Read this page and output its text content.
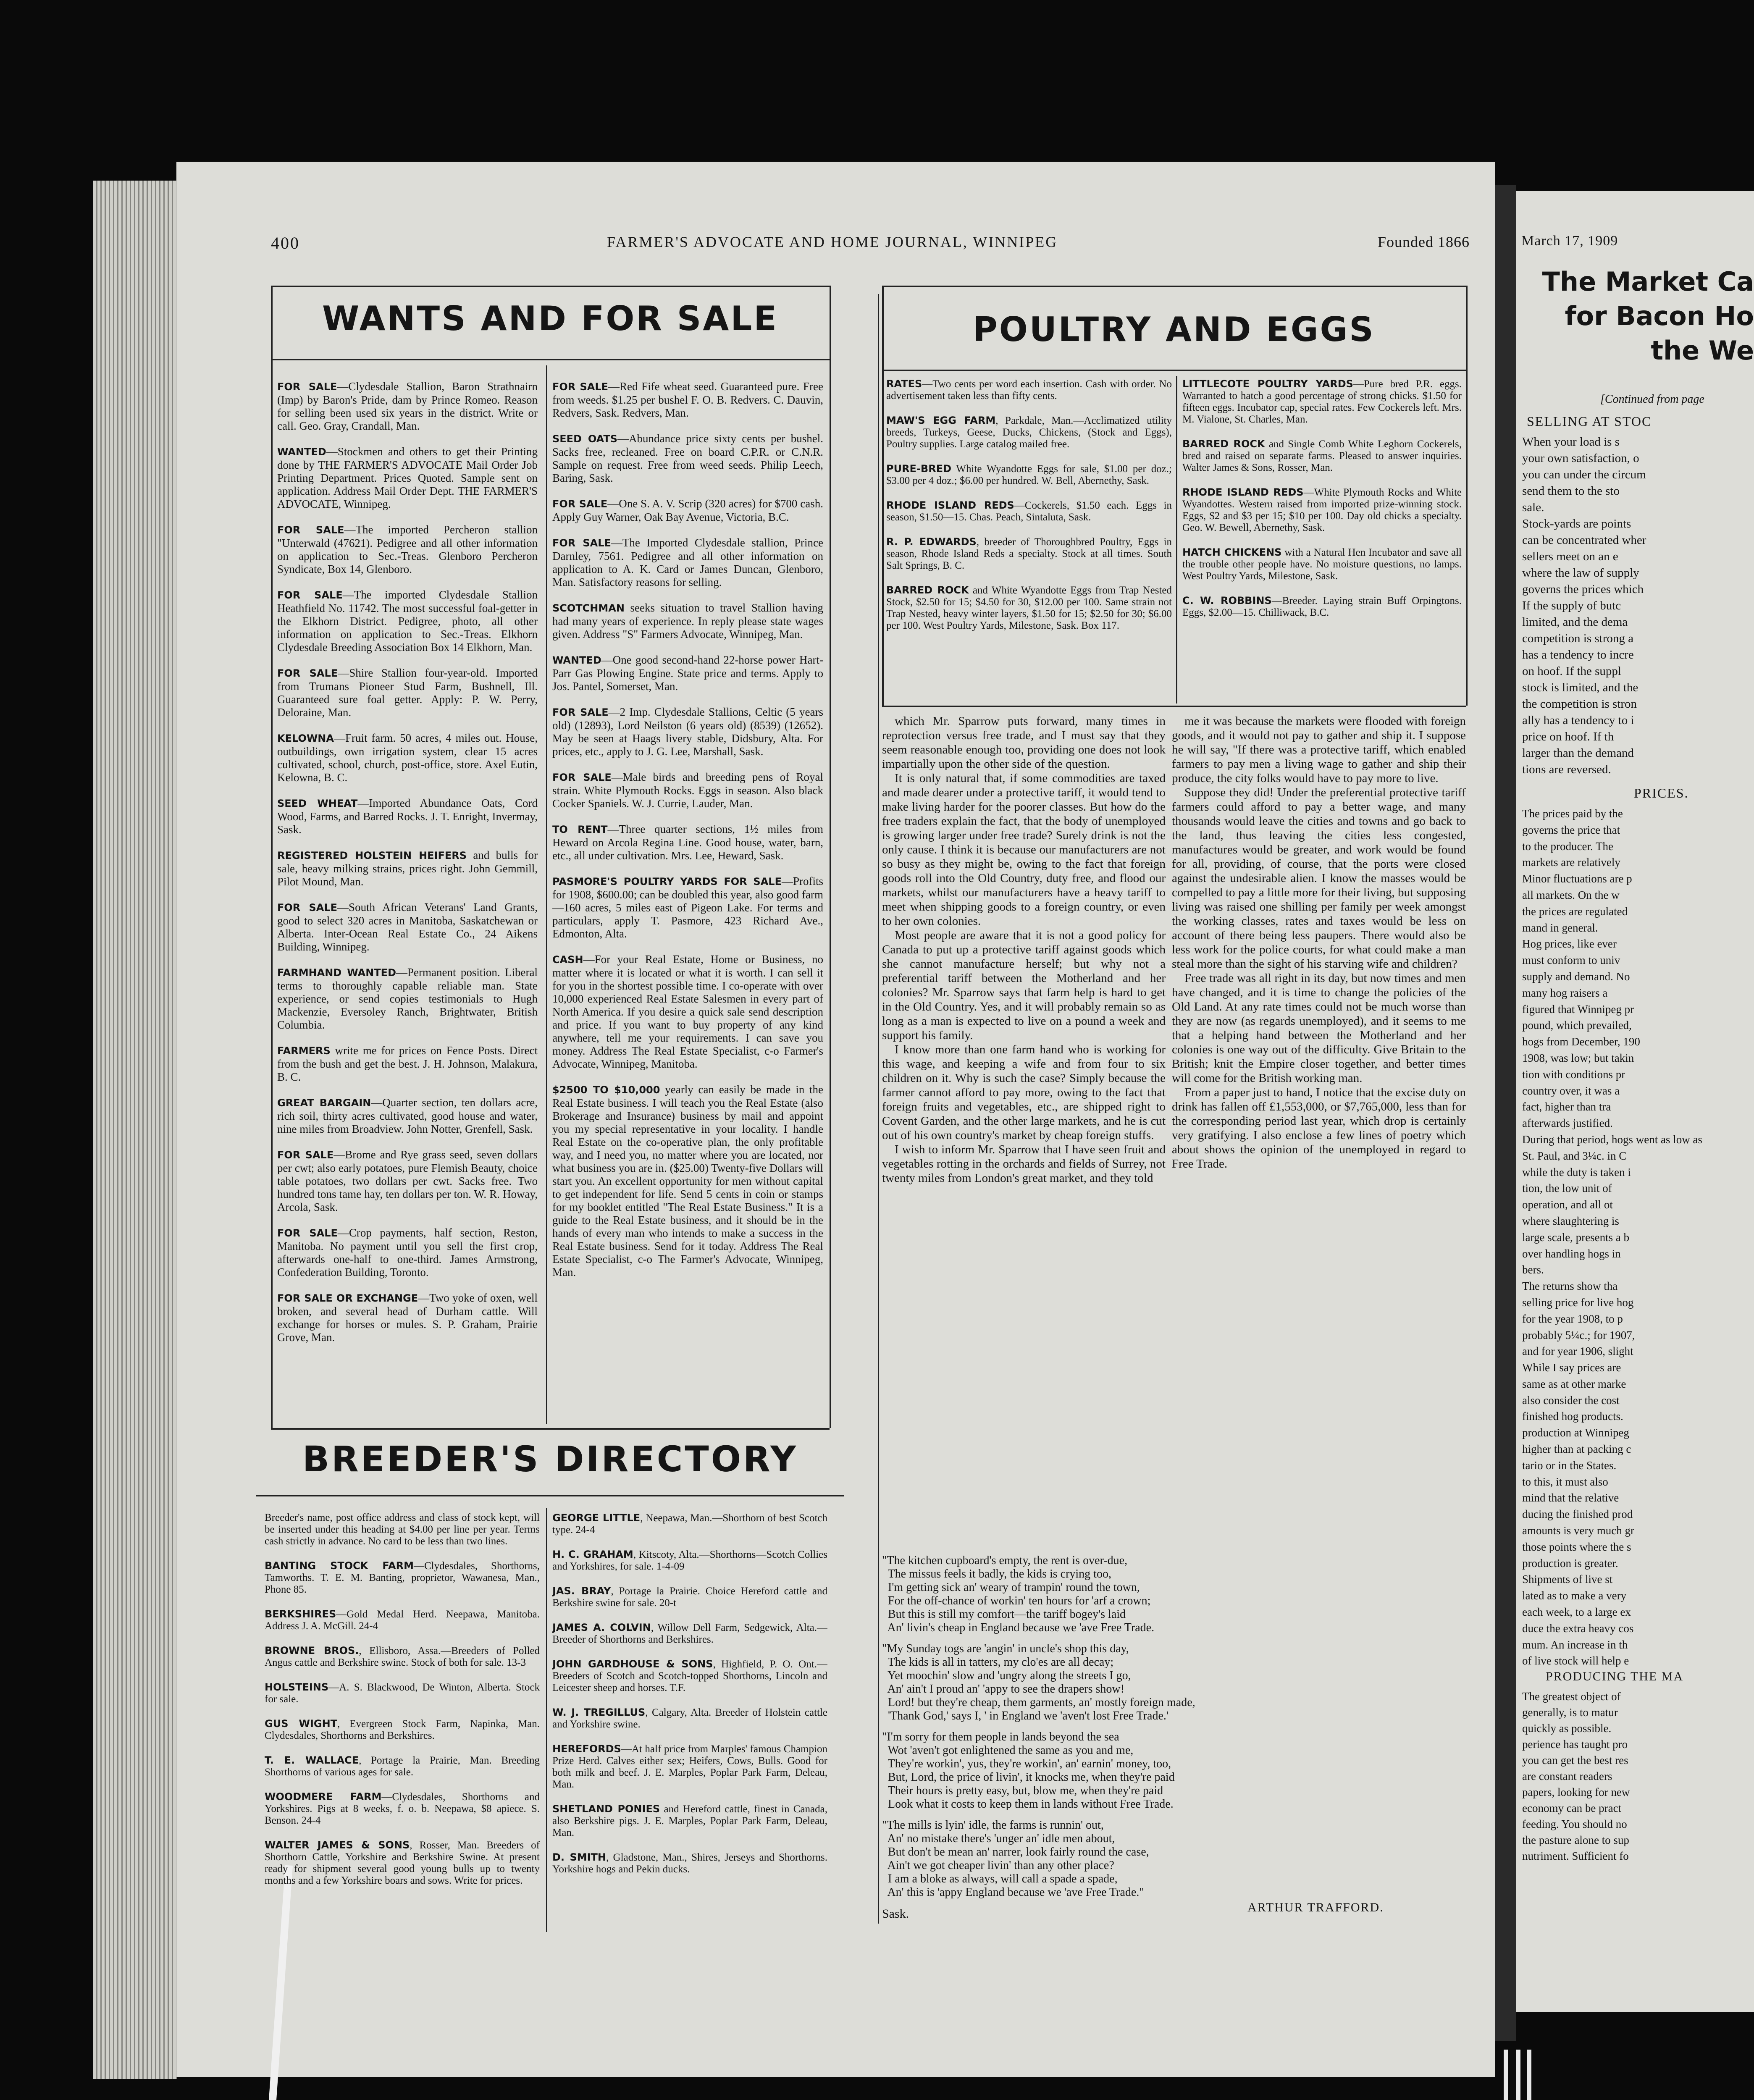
March 17, 1909
The Market Ca
for Bacon Ho
the We
[Continued from page
SELLING AT STOC
When your load is s
your own satisfaction, o
you can under the circum
send them to the sto
sale.
Stock-yards are points
can be concentrated wher
sellers meet on an e
where the law of supply
governs the prices which
If the supply of butc
limited, and the dema
competition is strong a
has a tendency to incre
on hoof. If the suppl
stock is limited, and the
the competition is stron
ally has a tendency to i
price on hoof. If th
larger than the demand
tions are reversed.
PRICES.
The prices paid by the
governs the price that
to the producer. The
markets are relatively
Minor fluctuations are p
all markets. On the w
the prices are regulated
mand in general.
Hog prices, like ever
must conform to univ
supply and demand. No
many hog raisers a
figured that Winnipeg pr
pound, which prevailed,
hogs from December, 190
1908, was low; but takin
tion with conditions pr
country over, it was a
fact, higher than tra
afterwards justified.
During that period, hogs went as low as
St. Paul, and 3¼c. in C
while the duty is taken i
tion, the low unit of
operation, and all ot
where slaughtering is
large scale, presents a b
over handling hogs in
bers.
The returns show tha
selling price for live hog
for the year 1908, to p
probably 5¼c.; for 1907,
and for year 1906, slight
While I say prices are
same as at other marke
also consider the cost
finished hog products.
production at Winnipeg
higher than at packing c
tario or in the States.
to this, it must also
mind that the relative
ducing the finished prod
amounts is very much gr
those points where the s
production is greater.
Shipments of live st
lated as to make a very
each week, to a large ex
duce the extra heavy cos
mum. An increase in th
of live stock will help e
PRODUCING THE MA
The greatest object of
generally, is to matur
quickly as possible.
perience has taught pro
you can get the best res
are constant readers
papers, looking for new
economy can be pract
feeding. You should no
the pasture alone to sup
nutriment. Sufficient fo
400	FARMER'S ADVOCATE AND HOME JOURNAL, WINNIPEG	Founded 1866
WANTS AND FOR SALE	POULTRY AND EGGS
BREEDER'S DIRECTORY
FOR SALE—Clydesdale Stallion, Baron Strathnairn (Imp) by Baron's Pride, dam by Prince Romeo. Reason for selling been used six years in the district. Write or call. Geo. Gray, Crandall, Man.
WANTED—Stockmen and others to get their Printing done by THE FARMER'S ADVOCATE Mail Order Job Printing Department. Prices Quoted. Sample sent on application. Address Mail Order Dept. THE FARMER'S ADVOCATE, Winnipeg.
FOR SALE—The imported Percheron stallion "Unterwald (47621). Pedigree and all other information on application to Sec.-Treas. Glenboro Percheron Syndicate, Box 14, Glenboro.
FOR SALE—The imported Clydesdale Stallion Heathfield No. 11742. The most successful foal-getter in the Elkhorn District. Pedigree, photo, all other information on application to Sec.-Treas. Elkhorn Clydesdale Breeding Association Box 14 Elkhorn, Man.
FOR SALE—Shire Stallion four-year-old. Imported from Trumans Pioneer Stud Farm, Bushnell, Ill. Guaranteed sure foal getter. Apply: P. W. Perry, Deloraine, Man.
KELOWNA—Fruit farm. 50 acres, 4 miles out. House, outbuildings, own irrigation system, clear 15 acres cultivated, school, church, post-office, store. Axel Eutin, Kelowna, B. C.
SEED WHEAT—Imported Abundance Oats, Cord Wood, Farms, and Barred Rocks. J. T. Enright, Invermay, Sask.
REGISTERED HOLSTEIN HEIFERS and bulls for sale, heavy milking strains, prices right. John Gemmill, Pilot Mound, Man.
FOR SALE—South African Veterans' Land Grants, good to select 320 acres in Manitoba, Saskatchewan or Alberta. Inter-Ocean Real Estate Co., 24 Aikens Building, Winnipeg.
FARMHAND WANTED—Permanent position. Liberal terms to thoroughly capable reliable man. State experience, or send copies testimonials to Hugh Mackenzie, Eversoley Ranch, Brightwater, British Columbia.
FARMERS write me for prices on Fence Posts. Direct from the bush and get the best. J. H. Johnson, Malakura, B. C.
GREAT BARGAIN—Quarter section, ten dollars acre, rich soil, thirty acres cultivated, good house and water, nine miles from Broadview. John Notter, Grenfell, Sask.
FOR SALE—Brome and Rye grass seed, seven dollars per cwt; also early potatoes, pure Flemish Beauty, choice table potatoes, two dollars per cwt. Sacks free. Two hundred tons tame hay, ten dollars per ton. W. R. Howay, Arcola, Sask.
FOR SALE—Crop payments, half section, Reston, Manitoba. No payment until you sell the first crop, afterwards one-half to one-third. James Armstrong, Confederation Building, Toronto.
FOR SALE OR EXCHANGE—Two yoke of oxen, well broken, and several head of Durham cattle. Will exchange for horses or mules. S. P. Graham, Prairie Grove, Man.
FOR SALE—Red Fife wheat seed. Guaranteed pure. Free from weeds. $1.25 per bushel F. O. B. Redvers. C. Dauvin, Redvers, Sask. Redvers, Man.
SEED OATS—Abundance price sixty cents per bushel. Sacks free, recleaned. Free on board C.P.R. or C.N.R. Sample on request. Free from weed seeds. Philip Leech, Baring, Sask.
FOR SALE—One S. A. V. Scrip (320 acres) for $700 cash. Apply Guy Warner, Oak Bay Avenue, Victoria, B.C.
FOR SALE—The Imported Clydesdale stallion, Prince Darnley, 7561. Pedigree and all other information on application to A. K. Card or James Duncan, Glenboro, Man. Satisfactory reasons for selling.
SCOTCHMAN seeks situation to travel Stallion having had many years of experience. In reply please state wages given. Address "S" Farmers Advocate, Winnipeg, Man.
WANTED—One good second-hand 22-horse power Hart-Parr Gas Plowing Engine. State price and terms. Apply to Jos. Pantel, Somerset, Man.
FOR SALE—2 Imp. Clydesdale Stallions, Celtic (5 years old) (12893), Lord Neilston (6 years old) (8539) (12652). May be seen at Haags livery stable, Didsbury, Alta. For prices, etc., apply to J. G. Lee, Marshall, Sask.
FOR SALE—Male birds and breeding pens of Royal strain. White Plymouth Rocks. Eggs in season. Also black Cocker Spaniels. W. J. Currie, Lauder, Man.
TO RENT—Three quarter sections, 1½ miles from Heward on Arcola Regina Line. Good house, water, barn, etc., all under cultivation. Mrs. Lee, Heward, Sask.
PASMORE'S POULTRY YARDS FOR SALE—Profits for 1908, $600.00; can be doubled this year, also good farm—160 acres, 5 miles east of Pigeon Lake. For terms and particulars, apply T. Pasmore, 423 Richard Ave., Edmonton, Alta.
CASH—For your Real Estate, Home or Business, no matter where it is located or what it is worth. I can sell it for you in the shortest possible time. I co-operate with over 10,000 experienced Real Estate Salesmen in every part of North America. If you desire a quick sale send description and price. If you want to buy property of any kind anywhere, tell me your requirements. I can save you money. Address The Real Estate Specialist, c-o Farmer's Advocate, Winnipeg, Manitoba.
$2500 TO $10,000 yearly can easily be made in the Real Estate business. I will teach you the Real Estate (also Brokerage and Insurance) business by mail and appoint you my special representative in your locality. I handle Real Estate on the co-operative plan, the only profitable way, and I need you, no matter where you are located, nor what business you are in. ($25.00) Twenty-five Dollars will start you. An excellent opportunity for men without capital to get independent for life. Send 5 cents in coin or stamps for my booklet entitled "The Real Estate Business." It is a guide to the Real Estate business, and it should be in the hands of every man who intends to make a success in the Real Estate business. Send for it today. Address The Real Estate Specialist, c-o The Farmer's Advocate, Winnipeg, Man.
RATES—Two cents per word each insertion. Cash with order. No advertisement taken less than fifty cents.
MAW'S EGG FARM, Parkdale, Man.—Acclimatized utility breeds, Turkeys, Geese, Ducks, Chickens, (Stock and Eggs), Poultry supplies. Large catalog mailed free.
PURE-BRED White Wyandotte Eggs for sale, $1.00 per doz.; $3.00 per 4 doz.; $6.00 per hundred. W. Bell, Abernethy, Sask.
RHODE ISLAND REDS—Cockerels, $1.50 each. Eggs in season, $1.50—15. Chas. Peach, Sintaluta, Sask.
R. P. EDWARDS, breeder of Thoroughbred Poultry, Eggs in season, Rhode Island Reds a specialty. Stock at all times. South Salt Springs, B. C.
BARRED ROCK and White Wyandotte Eggs from Trap Nested Stock, $2.50 for 15; $4.50 for 30, $12.00 per 100. Same strain not Trap Nested, heavy winter layers, $1.50 for 15; $2.50 for 30; $6.00 per 100. West Poultry Yards, Milestone, Sask. Box 117.
LITTLECOTE POULTRY YARDS—Pure bred P.R. eggs. Warranted to hatch a good percentage of strong chicks. $1.50 for fifteen eggs. Incubator cap, special rates. Few Cockerels left. Mrs. M. Vialone, St. Charles, Man.
BARRED ROCK and Single Comb White Leghorn Cockerels, bred and raised on separate farms. Pleased to answer inquiries. Walter James & Sons, Rosser, Man.
RHODE ISLAND REDS—White Plymouth Rocks and White Wyandottes. Western raised from imported prize-winning stock. Eggs, $2 and $3 per 15; $10 per 100. Day old chicks a specialty. Geo. W. Bewell, Abernethy, Sask.
HATCH CHICKENS with a Natural Hen Incubator and save all the trouble other people have. No moisture questions, no lamps. West Poultry Yards, Milestone, Sask.
C. W. ROBBINS—Breeder. Laying strain Buff Orpingtons. Eggs, $2.00—15. Chilliwack, B.C.
Breeder's name, post office address and class of stock kept, will be inserted under this heading at $4.00 per line per year. Terms cash strictly in advance. No card to be less than two lines.
BANTING STOCK FARM—Clydesdales, Shorthorns, Tamworths. T. E. M. Banting, proprietor, Wawanesa, Man., Phone 85.
BERKSHIRES—Gold Medal Herd. Neepawa, Manitoba. Address J. A. McGill. 24-4
BROWNE BROS., Ellisboro, Assa.—Breeders of Polled Angus cattle and Berkshire swine. Stock of both for sale. 13-3
HOLSTEINS—A. S. Blackwood, De Winton, Alberta. Stock for sale.
GUS WIGHT, Evergreen Stock Farm, Napinka, Man. Clydesdales, Shorthorns and Berkshires.
T. E. WALLACE, Portage la Prairie, Man. Breeding Shorthorns of various ages for sale.
WOODMERE FARM—Clydesdales, Shorthorns and Yorkshires. Pigs at 8 weeks, f. o. b. Neepawa, $8 apiece. S. Benson. 24-4
WALTER JAMES & SONS, Rosser, Man. Breeders of Shorthorn Cattle, Yorkshire and Berkshire Swine. At present ready for shipment several good young bulls up to twenty months and a few Yorkshire boars and sows. Write for prices.
GEORGE LITTLE, Neepawa, Man.—Shorthorn of best Scotch type. 24-4
H. C. GRAHAM, Kitscoty, Alta.—Shorthorns—Scotch Collies and Yorkshires, for sale. 1-4-09
JAS. BRAY, Portage la Prairie. Choice Hereford cattle and Berkshire swine for sale. 20-t
JAMES A. COLVIN, Willow Dell Farm, Sedgewick, Alta.—Breeder of Shorthorns and Berkshires.
JOHN GARDHOUSE & SONS, Highfield, P. O. Ont.—Breeders of Scotch and Scotch-topped Shorthorns, Lincoln and Leicester sheep and horses. T.F.
W. J. TREGILLUS, Calgary, Alta. Breeder of Holstein cattle and Yorkshire swine.
HEREFORDS—At half price from Marples' famous Champion Prize Herd. Calves either sex; Heifers, Cows, Bulls. Good for both milk and beef. J. E. Marples, Poplar Park Farm, Deleau, Man.
SHETLAND PONIES and Hereford cattle, finest in Canada, also Berkshire pigs. J. E. Marples, Poplar Park Farm, Deleau, Man.
D. SMITH, Gladstone, Man., Shires, Jerseys and Shorthorns. Yorkshire hogs and Pekin ducks.

which Mr. Sparrow puts forward, many times in reprotection versus free trade, and I must say that they seem reasonable enough too, providing one does not look impartially upon the other side of the question.

It is only natural that, if some commodities are taxed and made dearer under a protective tariff, it would tend to make living harder for the poorer classes. But how do the free traders explain the fact, that the body of unemployed is growing larger under free trade? Surely drink is not the only cause. I think it is because our manufacturers are not so busy as they might be, owing to the fact that foreign goods roll into the Old Country, duty free, and flood our markets, whilst our manufacturers have a heavy tariff to meet when shipping goods to a foreign country, or even to her own colonies.

Most people are aware that it is not a good policy for Canada to put up a protective tariff against goods which she cannot manufacture herself; but why not a preferential tariff between the Motherland and her colonies? Mr. Sparrow says that farm help is hard to get in the Old Country. Yes, and it will probably remain so as long as a man is expected to live on a pound a week and support his family.

I know more than one farm hand who is working for this wage, and keeping a wife and from four to six children on it. Why is such the case? Simply because the farmer cannot afford to pay more, owing to the fact that foreign fruits and vegetables, etc., are shipped right to Covent Garden, and the other large markets, and he is cut out of his own country's market by cheap foreign stuffs.

I wish to inform Mr. Sparrow that I have seen fruit and vegetables rotting in the orchards and fields of Surrey, not twenty miles from London's great market, and they told

me it was because the markets were flooded with foreign goods, and it would not pay to gather and ship it. I suppose he will say, "If there was a protective tariff, which enabled farmers to pay men a living wage to gather and ship their produce, the city folks would have to pay more to live.

Suppose they did! Under the preferential protective tariff farmers could afford to pay a better wage, and many thousands would leave the cities and towns and go back to the land, thus leaving the cities less congested, manufactures would be greater, and work would be found for all, providing, of course, that the ports were closed against the undesirable alien. I know the masses would be compelled to pay a little more for their living, but supposing living was raised one shilling per family per week amongst the working classes, rates and taxes would be less on account of there being less paupers. There would also be less work for the police courts, for what could make a man steal more than the sight of his starving wife and children?

Free trade was all right in its day, but now times and men have changed, and it is time to change the policies of the Old Land. At any rate times could not be much worse than they are now (as regards unemployed), and it seems to me that a helping hand between the Motherland and her colonies is one way out of the difficulty. Give Britain to the British; knit the Empire closer together, and better times will come for the British working man.

From a paper just to hand, I notice that the excise duty on drink has fallen off £1,553,000, or $7,765,000, less than for the corresponding period last year, which drop is certainly very gratifying. I also enclose a few lines of poetry which about shows the opinion of the unemployed in regard to Free Trade.

"The kitchen cupboard's empty, the rent is over-due,
The missus feels it badly, the kids is crying too,
I'm getting sick an' weary of trampin' round the town,
For the off-chance of workin' ten hours for 'arf a crown;
But this is still my comfort—the tariff bogey's laid
An' livin's cheap in England because we 'ave Free Trade.
"My Sunday togs are 'angin' in uncle's shop this day,
The kids is all in tatters, my clo'es are all decay;
Yet moochin' slow and 'ungry along the streets I go,
An' ain't I proud an' 'appy to see the drapers show!
Lord! but they're cheap, them garments, an' mostly foreign made,
'Thank God,' says I, ' in England we 'aven't lost Free Trade.'
"I'm sorry for them people in lands beyond the sea
Wot 'aven't got enlightened the same as you and me,
They're workin', yus, they're workin', an' earnin' money, too,
But, Lord, the price of livin', it knocks me, when they're paid
Their hours is pretty easy, but, blow me, when they're paid
Look what it costs to keep them in lands without Free Trade.
"The mills is lyin' idle, the farms is runnin' out,
An' no mistake there's 'unger an' idle men about,
But don't be mean an' narrer, look fairly round the case,
Ain't we got cheaper livin' than any other place?
I am a bloke as always, will call a spade a spade,
An' this is 'appy England because we 'ave Free Trade."
Sask.	ARTHUR TRAFFORD.
